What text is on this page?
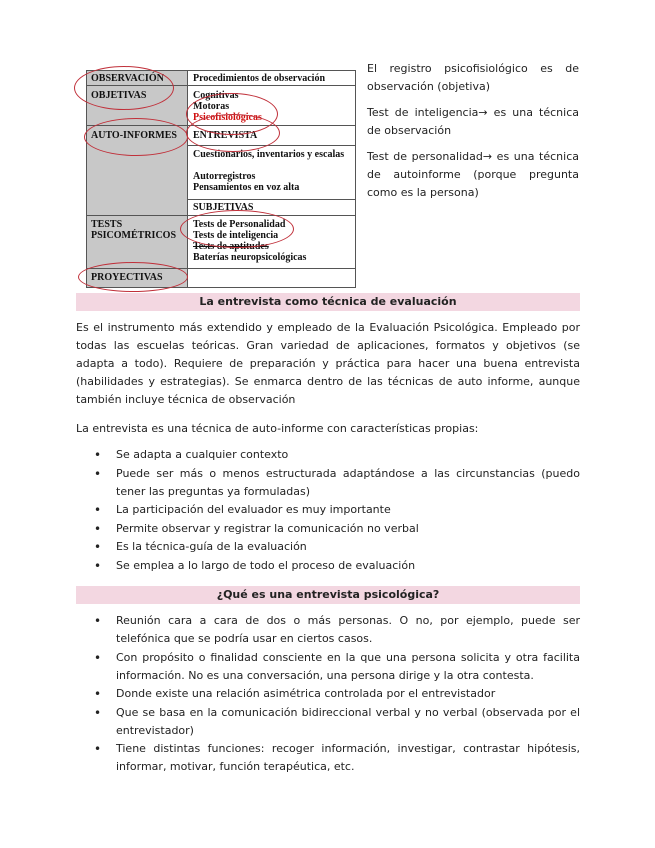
OBSERVACIÓN
OBJETIVAS
AUTO-INFORMES
TESTS PSICOMÉTRICOS
PROYECTIVAS
Procedimientos de observación
Cognitivas
Motoras
Psicofisiológicas
ENTREVISTA
Cuestionarios, inventarios y escalas
Autorregistros
Pensamientos en voz alta
SUBJETIVAS
Tests de Personalidad
Tests de inteligencia
Tests de aptitudes
Baterías neuropsicológicas

El registro psicofisiológico es de observación (objetiva)

Test de inteligencia→ es una técnica de observación

Test de personalidad→ es una técnica de autoinforme (porque pregunta como es la persona)

La entrevista como técnica de evaluación

Es el instrumento más extendido y empleado de la Evaluación Psicológica. Empleado por todas las escuelas teóricas. Gran variedad de aplicaciones, formatos y objetivos (se adapta a todo). Requiere de preparación y práctica para hacer una buena entrevista (habilidades y estrategias). Se enmarca dentro de las técnicas de auto informe, aunque también incluye técnica de observación

La entrevista es una técnica de auto-informe con características propias:

• Se adapta a cualquier contexto
• Puede ser más o menos estructurada adaptándose a las circunstancias (puedo tener las preguntas ya formuladas)
• La participación del evaluador es muy importante
• Permite observar y registrar la comunicación no verbal
• Es la técnica-guía de la evaluación
• Se emplea a lo largo de todo el proceso de evaluación
¿Qué es una entrevista psicológica?
• Reunión cara a cara de dos o más personas. O no, por ejemplo, puede ser telefónica que se podría usar en ciertos casos.
• Con propósito o finalidad consciente en la que una persona solicita y otra facilita información. No es una conversación, una persona dirige y la otra contesta.
• Donde existe una relación asimétrica controlada por el entrevistador
• Que se basa en la comunicación bidireccional verbal y no verbal (observada por el entrevistador)
• Tiene distintas funciones: recoger información, investigar, contrastar hipótesis, informar, motivar, función terapéutica, etc.
